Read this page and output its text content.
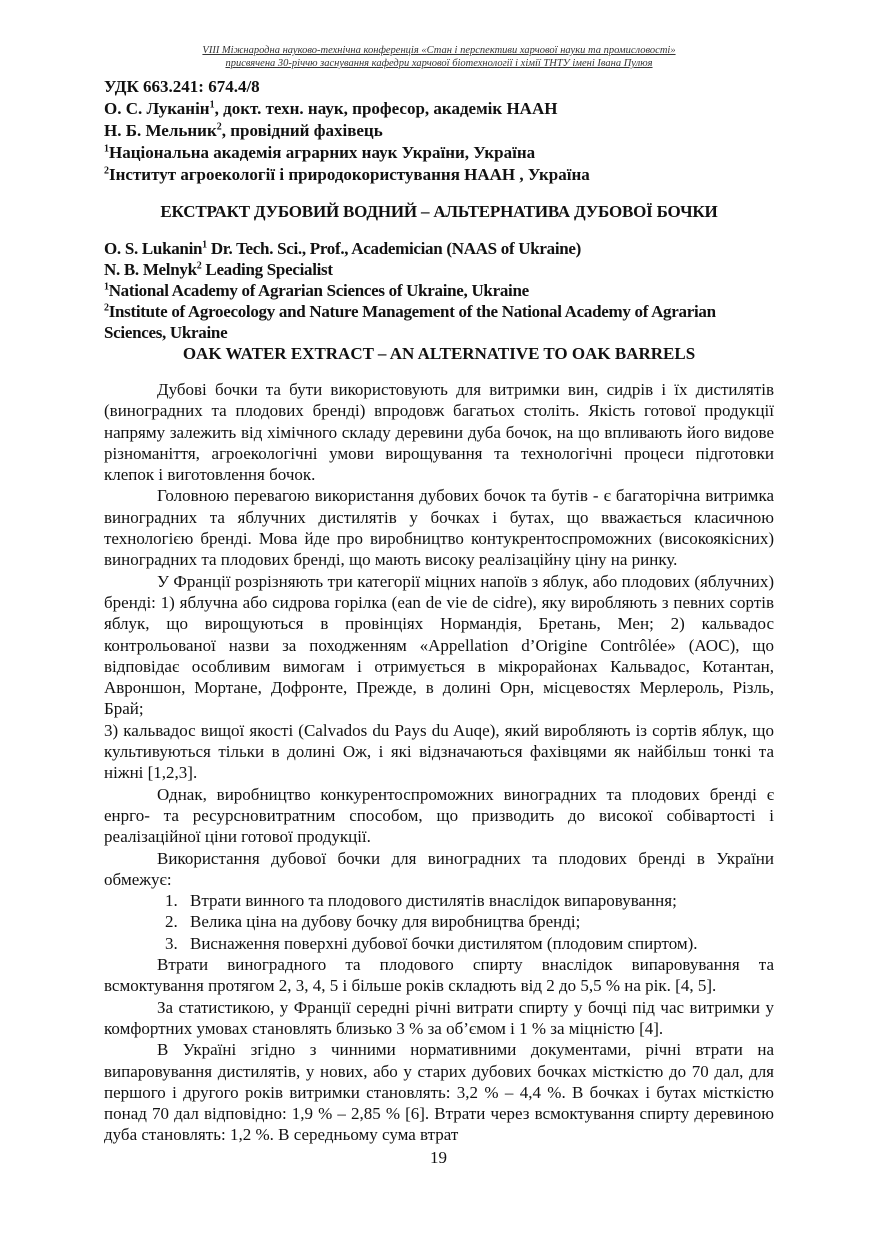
VIII Міжнародна науково-технічна конференція «Стан і перспективи харчової науки та промисловості»
присвячена 30-річчю заснування кафедри харчової біотехнології і хімії ТНТУ імені Івана Пулюя
УДК 663.241: 674.4/8
О. С. Луканін$^1$, докт. техн. наук, професор, академік НААН
Н. Б. Мельник$^2$, провідний фахівець
$^1$Національна академія аграрних наук України, Україна
$^2$Інститут агроекології і природокористування НААН , Україна
ЕКСТРАКТ ДУБОВИЙ ВОДНИЙ – АЛЬТЕРНАТИВА ДУБОВОЇ БОЧКИ
O. S. Lukanin$^1$ Dr. Tech. Sci., Prof., Academician (NAAS of Ukraine)
N. B. Melnyk$^2$ Leading Specialist
$^1$National Academy of Agrarian Sciences of Ukraine, Ukraine
$^2$Institute of Agroecology and Nature Management of the National Academy of Agrarian Sciences, Ukraine
OAK WATER EXTRACT – AN ALTERNATIVE TO OAK BARRELS

Дубові бочки та бути використовують для витримки вин, сидрів і їх дистилятів (виноградних та плодових бренді) впродовж багатьох століть. Якість готової продукції напряму залежить від хімічного складу деревини дуба бочок, на що впливають його видове різноманіття, агроекологічні умови вирощування та технологічні процеси підготовки клепок і виготовлення бочок.

Головною перевагою використання дубових бочок та бутів - є багаторічна витримка виноградних та яблучних дистилятів у бочках і бутах, що вважається класичною технологією бренді. Мова йде про виробництво контукрентоспроможних (високоякісних) виноградних та плодових бренді, що мають високу реалізаційну ціну на ринку.

У Франції розрізняють три категорії міцних напоїв з яблук, або плодових (яблучних) бренді: 1) яблучна або сидрова горілка (ean de vie de cidre), яку виробляють з певних сортів яблук, що вирощуються в провінціях Нормандія, Бретань, Мен; 2) кальвадос контрольованої назви за походженням «Appellation d’Origine Contrôlée» (АОС), що відповідає особливим вимогам і отримується в мікрорайонах Кальвадос, Котантан, Авроншон, Мортане, Дофронте, Прежде, в долині Орн, місцевостях Мерлероль, Різль, Брай;

3) кальвадос вищої якості (Calvados du Pays du Auqe), який виробляють із сортів яблук, що культивуються тільки в долині Ож, і які відзначаються фахівцями як найбільш тонкі та ніжні [1,2,3].

Однак, виробництво конкурентоспроможних виноградних та плодових бренді є енрго- та ресурсновитратним способом, що призводить до високої собівартості і реалізаційної ціни готової продукції.

Використання дубової бочки для виноградних та плодових бренді в України обмежує:

1. Втрати винного та плодового дистилятів внаслідок випаровування;
2. Велика ціна на дубову бочку для виробництва бренді;
3. Виснаження поверхні дубової бочки дистилятом (плодовим спиртом).

Втрати виноградного та плодового спирту внаслідок випаровування та всмоктування протягом 2, 3, 4, 5 і більше років складють від 2 до 5,5 % на рік. [4, 5].

За статистикою, у Франції середні річні витрати спирту у бочці під час витримки у комфортних умовах становлять близько 3 % за об’ємом і 1 % за міцністю [4].

В Україні згідно з чинними нормативними документами, річні втрати на випаровування дистилятів, у нових, або у старих дубових бочках місткістю до 70 дал, для першого і другого років витримки становлять: 3,2 % – 4,4 %. В бочках і бутах місткістю понад 70 дал відповідно: 1,9 % – 2,85 % [6]. Втрати через всмоктування спирту деревиною дуба становлять: 1,2 %. В середньому сума втрат

19
